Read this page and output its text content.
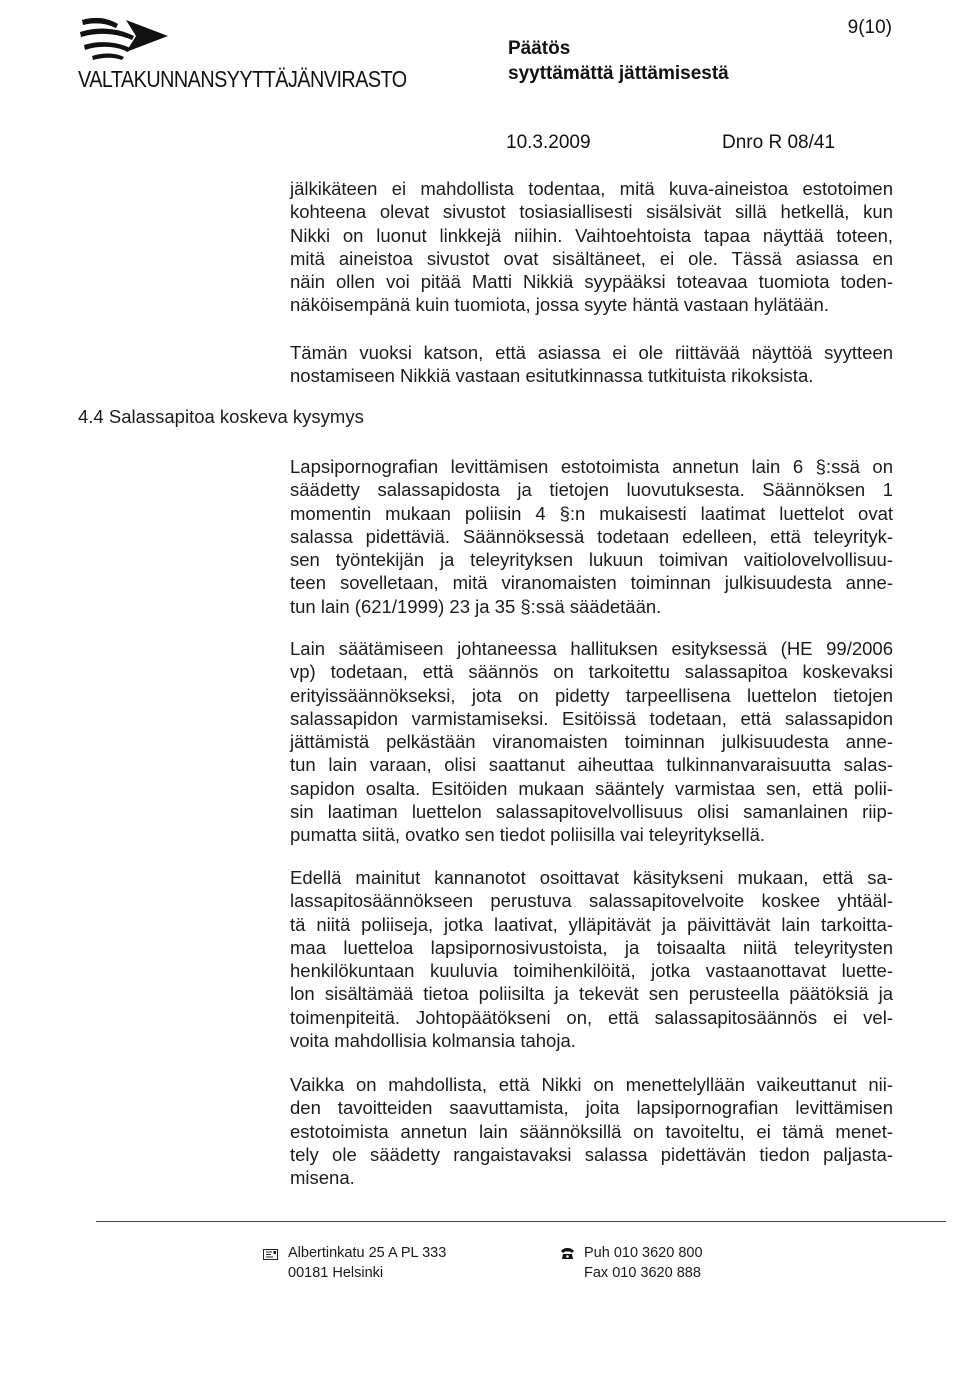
VALTAKUNNANSYYTTÄJÄNVIRASTO
Päätös
syyttämättä jättämisestä
9(10)
10.3.2009	Dnro R 08/41
jälkikäteen ei mahdollista todentaa, mitä kuva-aineistoa estotoimen
kohteena olevat sivustot tosiasiallisesti sisälsivät sillä hetkellä, kun
Nikki on luonut linkkejä niihin. Vaihtoehtoista tapaa näyttää toteen,
mitä aineistoa sivustot ovat sisältäneet, ei ole. Tässä asiassa en
näin ollen voi pitää Matti Nikkiä syypääksi toteavaa tuomiota toden-
näköisempänä kuin tuomiota, jossa syyte häntä vastaan hylätään.
Tämän vuoksi katson, että asiassa ei ole riittävää näyttöä syytteen
nostamiseen Nikkiä vastaan esitutkinnassa tutkituista rikoksista.
4.4 Salassapitoa koskeva kysymys
Lapsipornografian levittämisen estotoimista annetun lain 6 §:ssä on
säädetty salassapidosta ja tietojen luovutuksesta. Säännöksen 1
momentin mukaan poliisin 4 §:n mukaisesti laatimat luettelot ovat
salassa pidettäviä. Säännöksessä todetaan edelleen, että teleyrityk-
sen työntekijän ja teleyrityksen lukuun toimivan vaitiolovelvollisuu-
teen sovelletaan, mitä viranomaisten toiminnan julkisuudesta anne-
tun lain (621/1999) 23 ja 35 §:ssä säädetään.
Lain säätämiseen johtaneessa hallituksen esityksessä (HE 99/2006
vp) todetaan, että säännös on tarkoitettu salassapitoa koskevaksi
erityissäännökseksi, jota on pidetty tarpeellisena luettelon tietojen
salassapidon varmistamiseksi. Esitöissä todetaan, että salassapidon
jättämistä pelkästään viranomaisten toiminnan julkisuudesta anne-
tun lain varaan, olisi saattanut aiheuttaa tulkinnanvaraisuutta salas-
sapidon osalta. Esitöiden mukaan sääntely varmistaa sen, että polii-
sin laatiman luettelon salassapitovelvollisuus olisi samanlainen riip-
pumatta siitä, ovatko sen tiedot poliisilla vai teleyrityksellä.
Edellä mainitut kannanotot osoittavat käsitykseni mukaan, että sa-
lassapitosäännökseen perustuva salassapitovelvoite koskee yhtääl-
tä niitä poliiseja, jotka laativat, ylläpitävät ja päivittävät lain tarkoitta-
maa luetteloa lapsipornosivustoista, ja toisaalta niitä teleyritysten
henkilökuntaan kuuluvia toimihenkilöitä, jotka vastaanottavat luette-
lon sisältämää tietoa poliisilta ja tekevät sen perusteella päätöksiä ja
toimenpiteitä. Johtopäätökseni on, että salassapitosäännös ei vel-
voita mahdollisia kolmansia tahoja.
Vaikka on mahdollista, että Nikki on menettelyllään vaikeuttanut nii-
den tavoitteiden saavuttamista, joita lapsipornografian levittämisen
estotoimista annetun lain säännöksillä on tavoiteltu, ei tämä menet-
tely ole säädetty rangaistavaksi salassa pidettävän tiedon paljasta-
misena.
Albertinkatu 25 A PL 333
00181 Helsinki
Puh 010 3620 800
Fax 010 3620 888
